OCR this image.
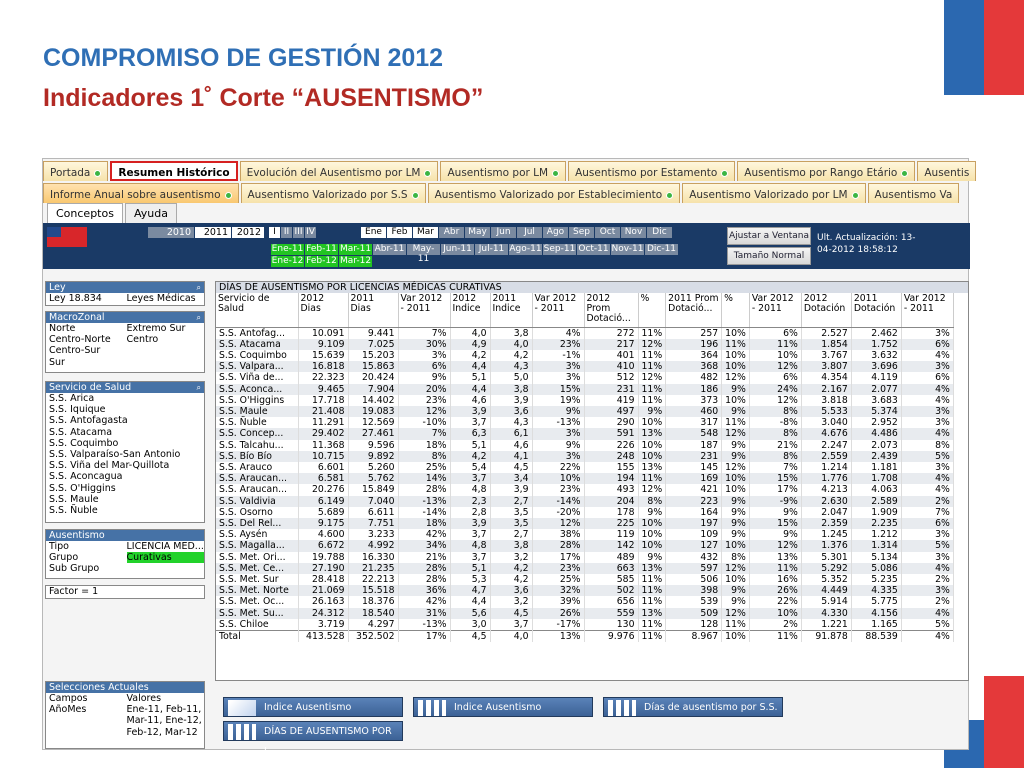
COMPROMISO DE GESTIÓN 2012
Indicadores 1˚ Corte “AUSENTISMO”
Portada	Resumen Histórico Evolución del Ausentismo por LM	Ausentismo por LM	Ausentismo por Estamento	Ausentismo por Rango Etário	Ausentis
Informe Anual sobre ausentismo	Ausentismo Valorizado por S.S	Ausentismo Valorizado por Establecimiento	Ausentismo Valorizado por LM	Ausentismo Va
Conceptos	Ayuda
2010	2011 2012	I II III IV	Ene	Feb	Mar	Abr May	Jun	Jul	Ago Sep	Oct	Nov	Dic
Ene-11 Feb-11 Mar-11 Abr-11 May-11
Jun-11 Jul-11 Ago-11 Sep-11 Oct-11 Nov-11 Dic-11
Ene-12 Feb-12 Mar-12
Ajustar a Ventana
Tamaño Normal
Ult. Actualización: 13-04-2012 18:58:12
Ley	⌕
Ley 18.834	Leyes Médicas
MacroZonal	⌕
Norte	Extremo Sur
Centro-Norte	Centro
Centro-Sur
Sur
Servicio de Salud	⌕
S.S. Arica
S.S. Iquique
S.S. Antofagasta
S.S. Atacama
S.S. Coquimbo
S.S. Valparaíso-San Antonio
S.S. Viña del Mar-Quillota
S.S. Aconcagua
S.S. O'Higgins
S.S. Maule
S.S. Ñuble
Ausentismo
Tipo	LICENCIA MED...
Grupo	Curativas
Sub Grupo
Factor = 1
Selecciones Actuales
Campos	Valores
AñoMes	Ene-11, Feb-11,
Mar-11, Ene-12,
Feb-12, Mar-12
DÍAS DE AUSENTISMO POR LICENCIAS MÉDICAS CURATIVAS
Servicio de Salud	2012 Dias	2011 Dias	Var 2012 - 2011	2012 Indice	2011 Indice	Var 2012 - 2011	2012 Prom Dotació...	%	2011 Prom Dotació...	%	Var 2012 - 2011	2012 Dotación	2011 Dotación	Var 2012 - 2011
S.S. Antofag...	10.091	9.441	7%	4,0	3,8	4%	272	11%	257	10%	6%	2.527	2.462	3%
S.S. Atacama	9.109	7.025	30%	4,9	4,0	23%	217	12%	196	11%	11%	1.854	1.752	6%
S.S. Coquimbo	15.639	15.203	3%	4,2	4,2	-1%	401	11%	364	10%	10%	3.767	3.632	4%
S.S. Valpara...	16.818	15.863	6%	4,4	4,3	3%	410	11%	368	10%	12%	3.807	3.696	3%
S.S. Viña de...	22.323	20.424	9%	5,1	5,0	3%	512	12%	482	12%	6%	4.354	4.119	6%
S.S. Aconca...	9.465	7.904	20%	4,4	3,8	15%	231	11%	186	9%	24%	2.167	2.077	4%
S.S. O'Higgins	17.718	14.402	23%	4,6	3,9	19%	419	11%	373	10%	12%	3.818	3.683	4%
S.S. Maule	21.408	19.083	12%	3,9	3,6	9%	497	9%	460	9%	8%	5.533	5.374	3%
S.S. Ñuble	11.291	12.569	-10%	3,7	4,3	-13%	290	10%	317	11%	-8%	3.040	2.952	3%
S.S. Concep...	29.402	27.461	7%	6,3	6,1	3%	591	13%	548	12%	8%	4.676	4.486	4%
S.S. Talcahu...	11.368	9.596	18%	5,1	4,6	9%	226	10%	187	9%	21%	2.247	2.073	8%
S.S. Bío Bío	10.715	9.892	8%	4,2	4,1	3%	248	10%	231	9%	8%	2.559	2.439	5%
S.S. Arauco	6.601	5.260	25%	5,4	4,5	22%	155	13%	145	12%	7%	1.214	1.181	3%
S.S. Araucan...	6.581	5.762	14%	3,7	3,4	10%	194	11%	169	10%	15%	1.776	1.708	4%
S.S. Araucan...	20.276	15.849	28%	4,8	3,9	23%	493	12%	421	10%	17%	4.213	4.063	4%
S.S. Valdivia	6.149	7.040	-13%	2,3	2,7	-14%	204	8%	223	9%	-9%	2.630	2.589	2%
S.S. Osorno	5.689	6.611	-14%	2,8	3,5	-20%	178	9%	164	9%	9%	2.047	1.909	7%
S.S. Del Rel...	9.175	7.751	18%	3,9	3,5	12%	225	10%	197	9%	15%	2.359	2.235	6%
S.S. Aysén	4.600	3.233	42%	3,7	2,7	38%	119	10%	109	9%	9%	1.245	1.212	3%
S.S. Magalla...	6.672	4.992	34%	4,8	3,8	28%	142	10%	127	10%	12%	1.376	1.314	5%
S.S. Met. Ori...	19.788	16.330	21%	3,7	3,2	17%	489	9%	432	8%	13%	5.301	5.134	3%
S.S. Met. Ce...	27.190	21.235	28%	5,1	4,2	23%	663	13%	597	12%	11%	5.292	5.086	4%
S.S. Met. Sur	28.418	22.213	28%	5,3	4,2	25%	585	11%	506	10%	16%	5.352	5.235	2%
S.S. Met. Norte	21.069	15.518	36%	4,7	3,6	32%	502	11%	398	9%	26%	4.449	4.335	3%
S.S. Met. Oc...	26.163	18.376	42%	4,4	3,2	39%	656	11%	539	9%	22%	5.914	5.775	2%
S.S. Met. Su...	24.312	18.540	31%	5,6	4,5	26%	559	13%	509	12%	10%	4.330	4.156	4%
S.S. Chiloe	3.719	4.297	-13%	3,0	3,7	-17%	130	11%	128	11%	2%	1.221	1.165	5%
Total	413.528	352.502	17%	4,5	4,0	13%	9.976	11%	8.967	10%	11%	91.878	88.539	4%
Indice Ausentismo	Indice Ausentismo	Días de ausentismo por S.S.
DÍAS DE AUSENTISMO POR L...
